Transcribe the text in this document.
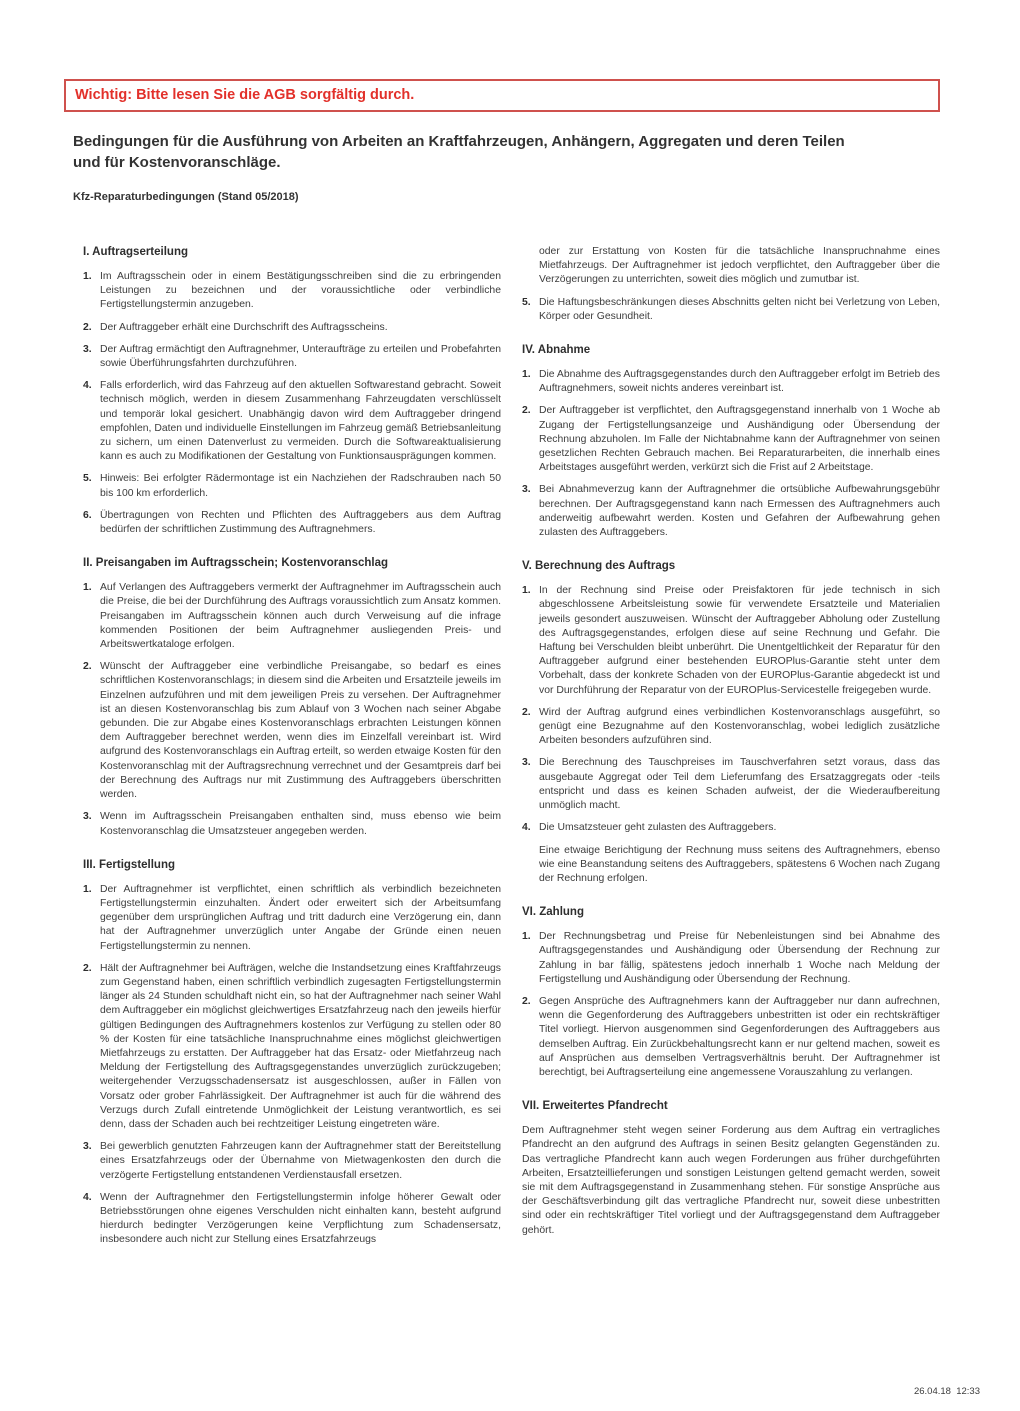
Wichtig: Bitte lesen Sie die AGB sorgfältig durch.
Bedingungen für die Ausführung von Arbeiten an Kraftfahrzeugen, Anhängern, Aggregaten und deren Teilen und für Kostenvoranschläge.
Kfz-Reparaturbedingungen (Stand 05/2018)
I. Auftragserteilung
1. Im Auftragsschein oder in einem Bestätigungsschreiben sind die zu erbringenden Leistungen zu bezeichnen und der voraussichtliche oder verbindliche Fertigstellungstermin anzugeben.
2. Der Auftraggeber erhält eine Durchschrift des Auftragsscheins.
3. Der Auftrag ermächtigt den Auftragnehmer, Unteraufträge zu erteilen und Probefahrten sowie Überführungsfahrten durchzuführen.
4. Falls erforderlich, wird das Fahrzeug auf den aktuellen Softwarestand gebracht. Soweit technisch möglich, werden in diesem Zusammenhang Fahrzeugdaten verschlüsselt und temporär lokal gesichert. Unabhängig davon wird dem Auftraggeber dringend empfohlen, Daten und individuelle Einstellungen im Fahrzeug gemäß Betriebsanleitung zu sichern, um einen Datenverlust zu vermeiden. Durch die Softwareaktualisierung kann es auch zu Modifikationen der Gestaltung von Funktionsausprägungen kommen.
5. Hinweis: Bei erfolgter Rädermontage ist ein Nachziehen der Radschrauben nach 50 bis 100 km erforderlich.
6. Übertragungen von Rechten und Pflichten des Auftraggebers aus dem Auftrag bedürfen der schriftlichen Zustimmung des Auftragnehmers.
II. Preisangaben im Auftragsschein; Kostenvoranschlag
1. Auf Verlangen des Auftraggebers vermerkt der Auftragnehmer im Auftragsschein auch die Preise, die bei der Durchführung des Auftrags voraussichtlich zum Ansatz kommen. Preisangaben im Auftragsschein können auch durch Verweisung auf die infrage kommenden Positionen der beim Auftragnehmer ausliegenden Preis- und Arbeitswertkataloge erfolgen.
2. Wünscht der Auftraggeber eine verbindliche Preisangabe, so bedarf es eines schriftlichen Kostenvoranschlags; in diesem sind die Arbeiten und Ersatzteile jeweils im Einzelnen aufzuführen und mit dem jeweiligen Preis zu versehen. Der Auftragnehmer ist an diesen Kostenvoranschlag bis zum Ablauf von 3 Wochen nach seiner Abgabe gebunden. Die zur Abgabe eines Kostenvoranschlags erbrachten Leistungen können dem Auftraggeber berechnet werden, wenn dies im Einzelfall vereinbart ist. Wird aufgrund des Kostenvoranschlags ein Auftrag erteilt, so werden etwaige Kosten für den Kostenvoranschlag mit der Auftragsrechnung verrechnet und der Gesamtpreis darf bei der Berechnung des Auftrags nur mit Zustimmung des Auftraggebers überschritten werden.
3. Wenn im Auftragsschein Preisangaben enthalten sind, muss ebenso wie beim Kostenvoranschlag die Umsatzsteuer angegeben werden.
III. Fertigstellung
1. Der Auftragnehmer ist verpflichtet, einen schriftlich als verbindlich bezeichneten Fertigstellungstermin einzuhalten. Ändert oder erweitert sich der Arbeitsumfang gegenüber dem ursprünglichen Auftrag und tritt dadurch eine Verzögerung ein, dann hat der Auftragnehmer unverzüglich unter Angabe der Gründe einen neuen Fertigstellungstermin zu nennen.
2. Hält der Auftragnehmer bei Aufträgen, welche die Instandsetzung eines Kraftfahrzeugs zum Gegenstand haben, einen schriftlich verbindlich zugesagten Fertigstellungstermin länger als 24 Stunden schuldhaft nicht ein, so hat der Auftragnehmer nach seiner Wahl dem Auftraggeber ein möglichst gleichwertiges Ersatzfahrzeug nach den jeweils hierfür gültigen Bedingungen des Auftragnehmers kostenlos zur Verfügung zu stellen oder 80 % der Kosten für eine tatsächliche Inanspruchnahme eines möglichst gleichwertigen Mietfahrzeugs zu erstatten. Der Auftraggeber hat das Ersatz- oder Mietfahrzeug nach Meldung der Fertigstellung des Auftragsgegenstandes unverzüglich zurückzugeben; weitergehender Verzugsschadensersatz ist ausgeschlossen, außer in Fällen von Vorsatz oder grober Fahrlässigkeit. Der Auftragnehmer ist auch für die während des Verzugs durch Zufall eintretende Unmöglichkeit der Leistung verantwortlich, es sei denn, dass der Schaden auch bei rechtzeitiger Leistung eingetreten wäre.
3. Bei gewerblich genutzten Fahrzeugen kann der Auftragnehmer statt der Bereitstellung eines Ersatzfahrzeugs oder der Übernahme von Mietwagenkosten den durch die verzögerte Fertigstellung entstandenen Verdienstausfall ersetzen.
4. Wenn der Auftragnehmer den Fertigstellungstermin infolge höherer Gewalt oder Betriebsstörungen ohne eigenes Verschulden nicht einhalten kann, besteht aufgrund hierdurch bedingter Verzögerungen keine Verpflichtung zum Schadensersatz, insbesondere auch nicht zur Stellung eines Ersatzfahrzeugs
oder zur Erstattung von Kosten für die tatsächliche Inanspruchnahme eines Mietfahrzeugs. Der Auftragnehmer ist jedoch verpflichtet, den Auftraggeber über die Verzögerungen zu unterrichten, soweit dies möglich und zumutbar ist.
5. Die Haftungsbeschränkungen dieses Abschnitts gelten nicht bei Verletzung von Leben, Körper oder Gesundheit.
IV. Abnahme
1. Die Abnahme des Auftragsgegenstandes durch den Auftraggeber erfolgt im Betrieb des Auftragnehmers, soweit nichts anderes vereinbart ist.
2. Der Auftraggeber ist verpflichtet, den Auftragsgegenstand innerhalb von 1 Woche ab Zugang der Fertigstellungsanzeige und Aushändigung oder Übersendung der Rechnung abzuholen. Im Falle der Nichtabnahme kann der Auftragnehmer von seinen gesetzlichen Rechten Gebrauch machen. Bei Reparaturarbeiten, die innerhalb eines Arbeitstages ausgeführt werden, verkürzt sich die Frist auf 2 Arbeitstage.
3. Bei Abnahmeverzug kann der Auftragnehmer die ortsübliche Aufbewahrungsgebühr berechnen. Der Auftragsgegenstand kann nach Ermessen des Auftragnehmers auch anderweitig aufbewahrt werden. Kosten und Gefahren der Aufbewahrung gehen zulasten des Auftraggebers.
V. Berechnung des Auftrags
1. In der Rechnung sind Preise oder Preisfaktoren für jede technisch in sich abgeschlossene Arbeitsleistung sowie für verwendete Ersatzteile und Materialien jeweils gesondert auszuweisen. Wünscht der Auftraggeber Abholung oder Zustellung des Auftragsgegenstandes, erfolgen diese auf seine Rechnung und Gefahr. Die Haftung bei Verschulden bleibt unberührt. Die Unentgeltlichkeit der Reparatur für den Auftraggeber aufgrund einer bestehenden EUROPlus-Garantie steht unter dem Vorbehalt, dass der konkrete Schaden von der EUROPlus-Garantie abgedeckt ist und vor Durchführung der Reparatur von der EUROPlus-Servicestelle freigegeben wurde.
2. Wird der Auftrag aufgrund eines verbindlichen Kostenvoranschlags ausgeführt, so genügt eine Bezugnahme auf den Kostenvoranschlag, wobei lediglich zusätzliche Arbeiten besonders aufzuführen sind.
3. Die Berechnung des Tauschpreises im Tauschverfahren setzt voraus, dass das ausgebaute Aggregat oder Teil dem Lieferumfang des Ersatzaggregats oder -teils entspricht und dass es keinen Schaden aufweist, der die Wiederaufbereitung unmöglich macht.
4. Die Umsatzsteuer geht zulasten des Auftraggebers.
Eine etwaige Berichtigung der Rechnung muss seitens des Auftragnehmers, ebenso wie eine Beanstandung seitens des Auftraggebers, spätestens 6 Wochen nach Zugang der Rechnung erfolgen.
VI. Zahlung
1. Der Rechnungsbetrag und Preise für Nebenleistungen sind bei Abnahme des Auftragsgegenstandes und Aushändigung oder Übersendung der Rechnung zur Zahlung in bar fällig, spätestens jedoch innerhalb 1 Woche nach Meldung der Fertigstellung und Aushändigung oder Übersendung der Rechnung.
2. Gegen Ansprüche des Auftragnehmers kann der Auftraggeber nur dann aufrechnen, wenn die Gegenforderung des Auftraggebers unbestritten ist oder ein rechtskräftiger Titel vorliegt. Hiervon ausgenommen sind Gegenforderungen des Auftraggebers aus demselben Auftrag. Ein Zurückbehaltungsrecht kann er nur geltend machen, soweit es auf Ansprüchen aus demselben Vertragsverhältnis beruht. Der Auftragnehmer ist berechtigt, bei Auftragserteilung eine angemessene Vorauszahlung zu verlangen.
VII. Erweitertes Pfandrecht
Dem Auftragnehmer steht wegen seiner Forderung aus dem Auftrag ein vertragliches Pfandrecht an den aufgrund des Auftrags in seinen Besitz gelangten Gegenständen zu. Das vertragliche Pfandrecht kann auch wegen Forderungen aus früher durchgeführten Arbeiten, Ersatzteillieferungen und sonstigen Leistungen geltend gemacht werden, soweit sie mit dem Auftragsgegenstand in Zusammenhang stehen. Für sonstige Ansprüche aus der Geschäftsverbindung gilt das vertragliche Pfandrecht nur, soweit diese unbestritten sind oder ein rechtskräftiger Titel vorliegt und der Auftragsgegenstand dem Auftraggeber gehört.
26.04.18  12:33
